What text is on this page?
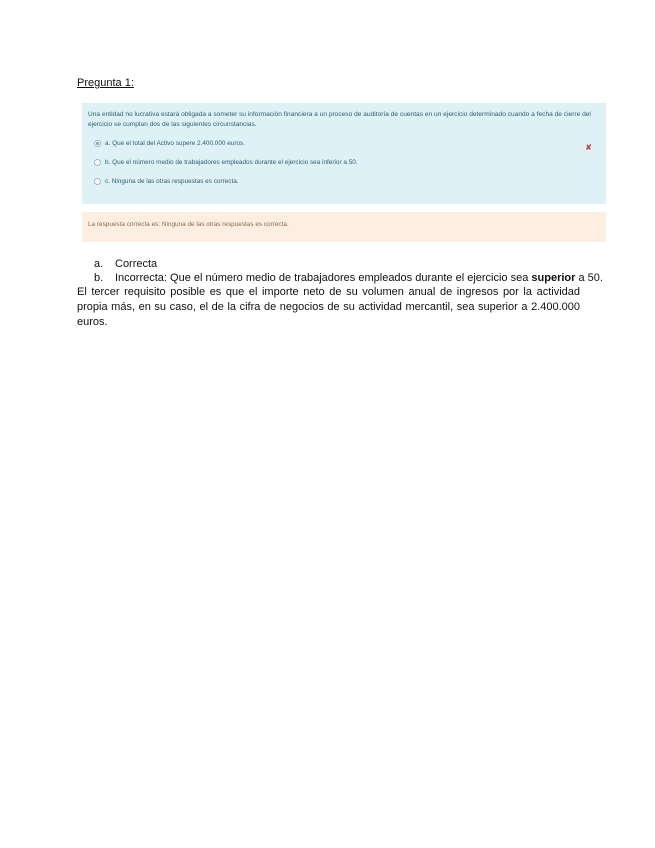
Pregunta 1:

Una entidad no lucrativa estará obligada a someter su información financiera a un proceso de auditoría de cuentas en un ejercicio determinado cuando a fecha de cierre del ejercicio se cumplan dos de las siguientes circunstancias.

a. Que el total del Activo supere 2.400.000 euros.
b. Que el número medio de trabajadores empleados durante el ejercicio sea inferior a 50.
c. Ninguna de las otras respuestas es correcta.
✘
La respuesta correcta es: Ninguna de las otras respuestas es correcta.
a.	Correcta
b.	Incorrecta: Que el número medio de trabajadores empleados durante el ejercicio sea superior a 50.

El tercer requisito posible es que el importe neto de su volumen anual de ingresos por la actividad propia más, en su caso, el de la cifra de negocios de su actividad mercantil, sea superior a 2.400.000 euros.
